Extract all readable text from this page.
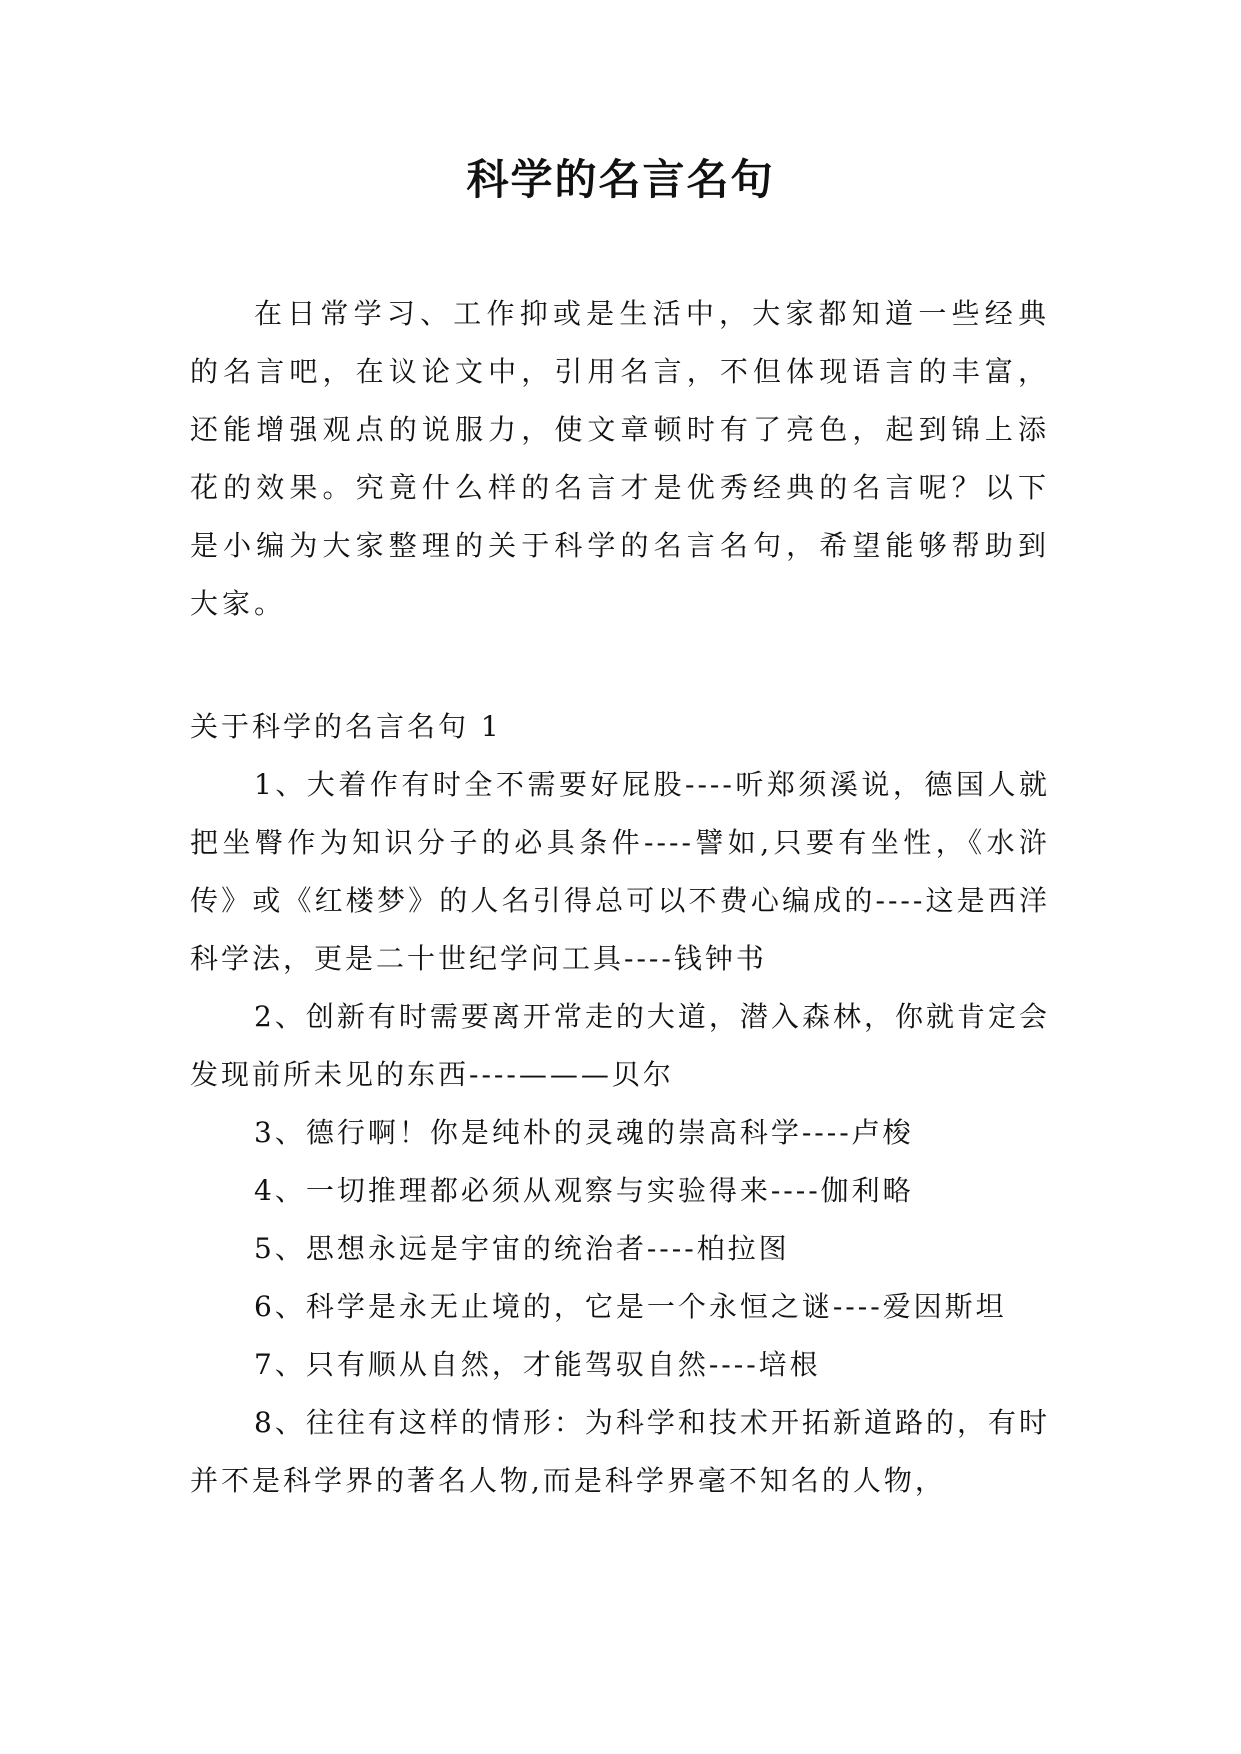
科学的名言名句

在日常学习、工作抑或是生活中，大家都知道一些经典的名言吧，在议论文中，引用名言，不但体现语言的丰富，还能增强观点的说服力，使文章顿时有了亮色，起到锦上添花的效果。究竟什么样的名言才是优秀经典的名言呢？以下是小编为大家整理的关于科学的名言名句，希望能够帮助到大家。

关于科学的名言名句 1

1、大着作有时全不需要好屁股----听郑须溪说，德国人就把坐臀作为知识分子的必具条件----譬如,只要有坐性，《水浒传》或《红楼梦》的人名引得总可以不费心编成的----这是西洋科学法，更是二十世纪学问工具----钱钟书

2、创新有时需要离开常走的大道，潜入森林，你就肯定会发现前所未见的东西----———贝尔

3、德行啊！你是纯朴的灵魂的崇高科学----卢梭

4、一切推理都必须从观察与实验得来----伽利略

5、思想永远是宇宙的统治者----柏拉图

6、科学是永无止境的，它是一个永恒之谜----爱因斯坦

7、只有顺从自然，才能驾驭自然----培根

8、往往有这样的情形：为科学和技术开拓新道路的，有时并不是科学界的著名人物,而是科学界毫不知名的人物，
